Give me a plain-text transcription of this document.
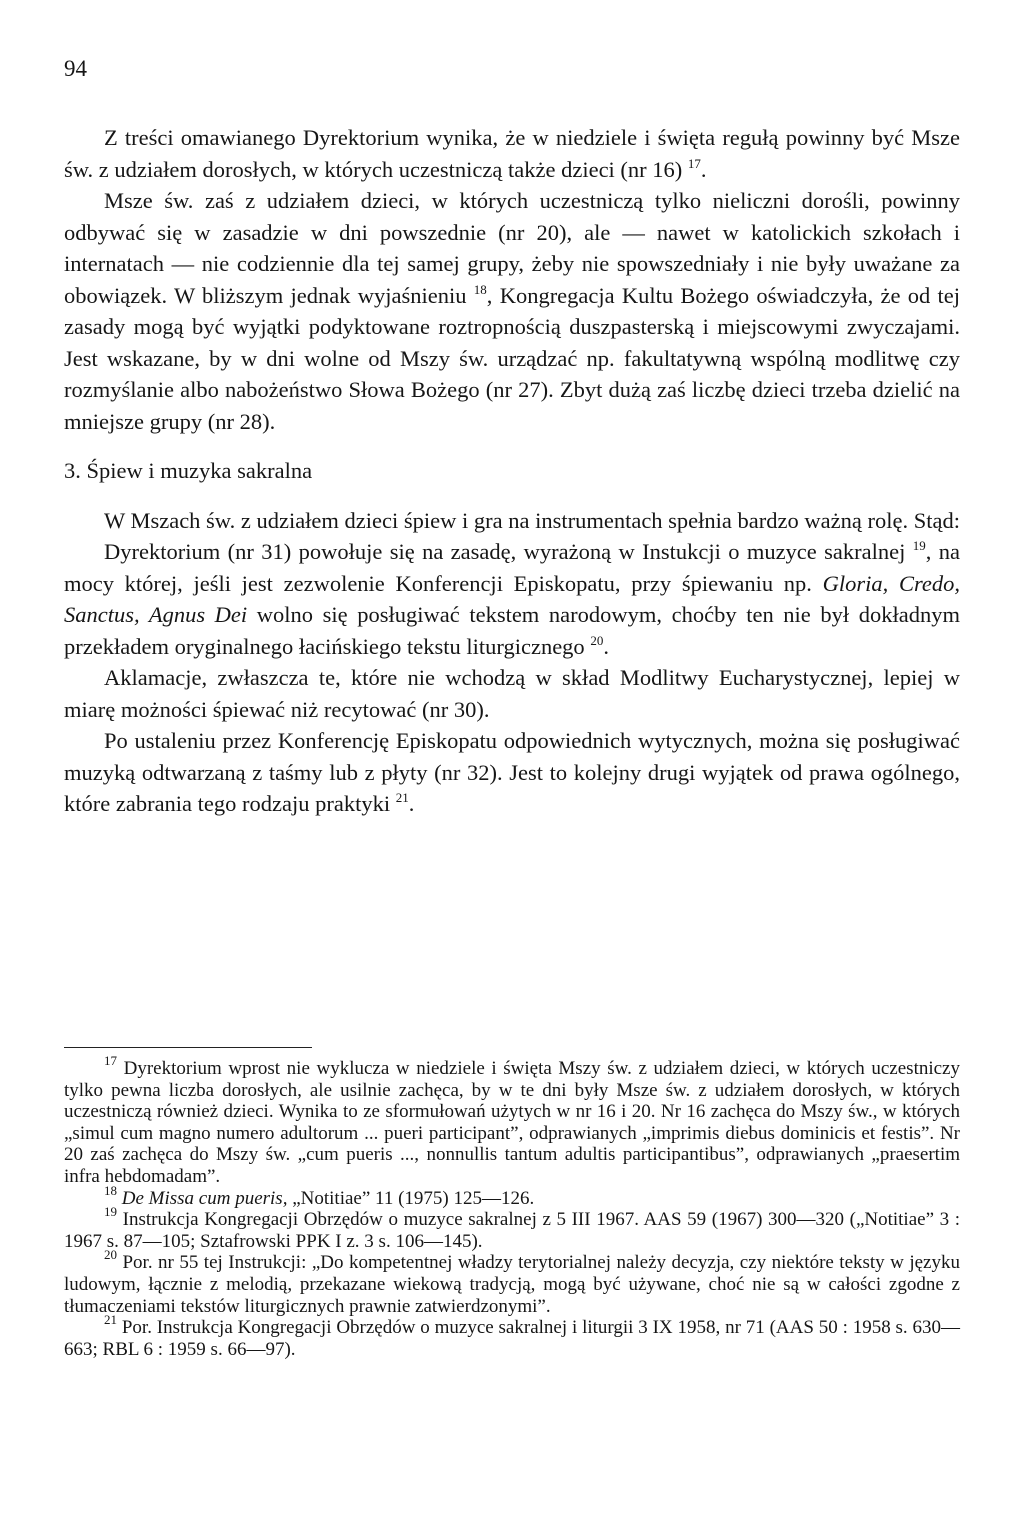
94

Z treści omawianego Dyrektorium wynika, że w niedziele i święta regułą powinny być Msze św. z udziałem dorosłych, w których uczestniczą także dzieci (nr 16) $^{17}$.

Msze św. zaś z udziałem dzieci, w których uczestniczą tylko nieliczni dorośli, powinny odbywać się w zasadzie w dni powszednie (nr 20), ale — nawet w katolickich szkołach i internatach — nie codziennie dla tej samej grupy, żeby nie spowszedniały i nie były uważane za obowiązek. W bliższym jednak wyjaśnieniu $^{18}$, Kongregacja Kultu Bożego oświadczyła, że od tej zasady mogą być wyjątki podyktowane roztropnością duszpasterską i miejscowymi zwyczajami. Jest wskazane, by w dni wolne od Mszy św. urządzać np. fakultatywną wspólną modlitwę czy rozmyślanie albo nabożeństwo Słowa Bożego (nr 27). Zbyt dużą zaś liczbę dzieci trzeba dzielić na mniejsze grupy (nr 28).

3. Śpiew i muzyka sakralna

W Mszach św. z udziałem dzieci śpiew i gra na instrumentach spełnia bardzo ważną rolę. Stąd:

Dyrektorium (nr 31) powołuje się na zasadę, wyrażoną w Instukcji o muzyce sakralnej $^{19}$, na mocy której, jeśli jest zezwolenie Konferencji Episkopatu, przy śpiewaniu np. Gloria, Credo, Sanctus, Agnus Dei wolno się posługiwać tekstem narodowym, choćby ten nie był dokładnym przekładem oryginalnego łacińskiego tekstu liturgicznego $^{20}$.

Aklamacje, zwłaszcza te, które nie wchodzą w skład Modlitwy Eucharystycznej, lepiej w miarę możności śpiewać niż recytować (nr 30).

Po ustaleniu przez Konferencję Episkopatu odpowiednich wytycznych, można się posługiwać muzyką odtwarzaną z taśmy lub z płyty (nr 32). Jest to kolejny drugi wyjątek od prawa ogólnego, które zabrania tego rodzaju praktyki $^{21}$.

$^{17}$ Dyrektorium wprost nie wyklucza w niedziele i święta Mszy św. z udziałem dzieci, w których uczestniczy tylko pewna liczba dorosłych, ale usilnie zachęca, by w te dni były Msze św. z udziałem dorosłych, w których uczestniczą również dzieci. Wynika to ze sformułowań użytych w nr 16 i 20. Nr 16 zachęca do Mszy św., w których „simul cum magno numero adultorum ... pueri participant”, odprawianych „imprimis diebus dominicis et festis”. Nr 20 zaś zachęca do Mszy św. „cum pueris ..., nonnullis tantum adultis participantibus”, odprawianych „praesertim infra hebdomadam”.

$^{18}$ De Missa cum pueris, „Notitiae” 11 (1975) 125—126.

$^{19}$ Instrukcja Kongregacji Obrzędów o muzyce sakralnej z 5 III 1967. AAS 59 (1967) 300—320 („Notitiae” 3 : 1967 s. 87—105; Sztafrowski PPK I z. 3 s. 106—145).

$^{20}$ Por. nr 55 tej Instrukcji: „Do kompetentnej władzy terytorialnej należy decyzja, czy niektóre teksty w języku ludowym, łącznie z melodią, przekazane wiekową tradycją, mogą być używane, choć nie są w całości zgodne z tłumaczeniami tekstów liturgicznych prawnie zatwierdzonymi”.

$^{21}$ Por. Instrukcja Kongregacji Obrzędów o muzyce sakralnej i liturgii 3 IX 1958, nr 71 (AAS 50 : 1958 s. 630—663; RBL 6 : 1959 s. 66—97).
